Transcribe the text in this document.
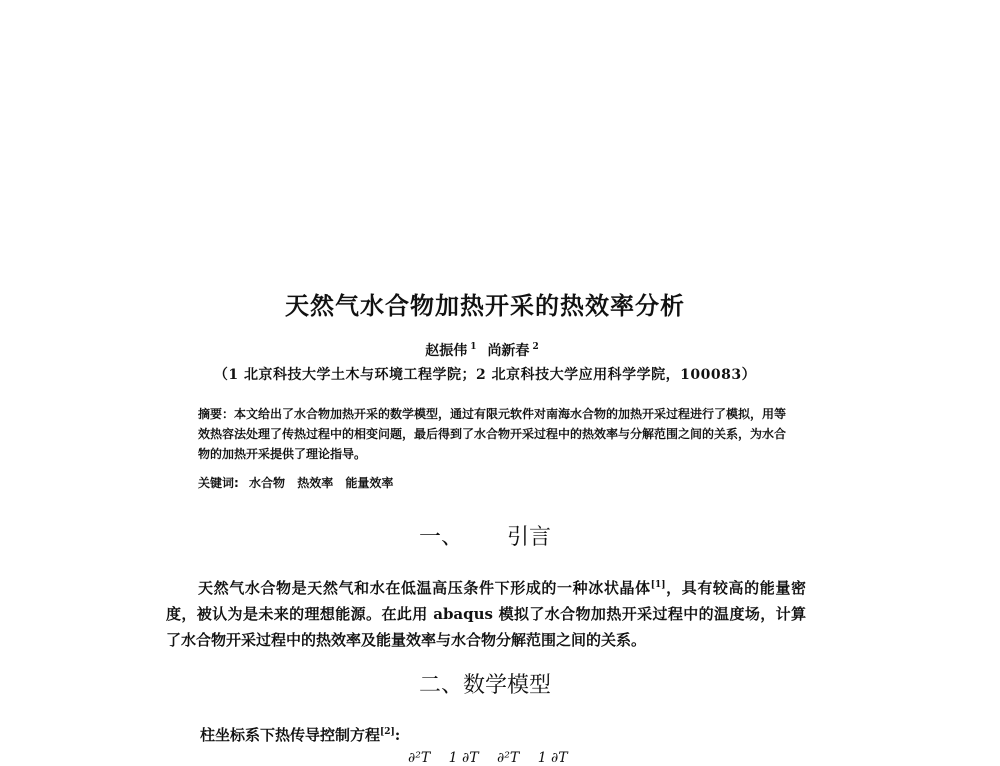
天然气水合物加热开采的热效率分析
赵振伟 $^1$ 尚新春 $^2$
（1 北京科技大学土木与环境工程学院；2 北京科技大学应用科学学院，100083）
摘要：本文给出了水合物加热开采的数学模型，通过有限元软件对南海水合物的加热开采过程进行了模拟，用等效热容法处理了传热过程中的相变问题，最后得到了水合物开采过程中的热效率与分解范围之间的关系，为水合物的加热开采提供了理论指导。
关键词: 水合物 热效率 能量效率
一、 引言
天然气水合物是天然气和水在低温高压条件下形成的一种冰状晶体[1]，具有较高的能量密度，被认为是未来的理想能源。在此用 abaqus 模拟了水合物加热开采过程中的温度场，计算了水合物开采过程中的热效率及能量效率与水合物分解范围之间的关系。
二、数学模型
柱坐标系下热传导控制方程[2]:
∂²T 1 ∂T ∂²T 1 ∂T
